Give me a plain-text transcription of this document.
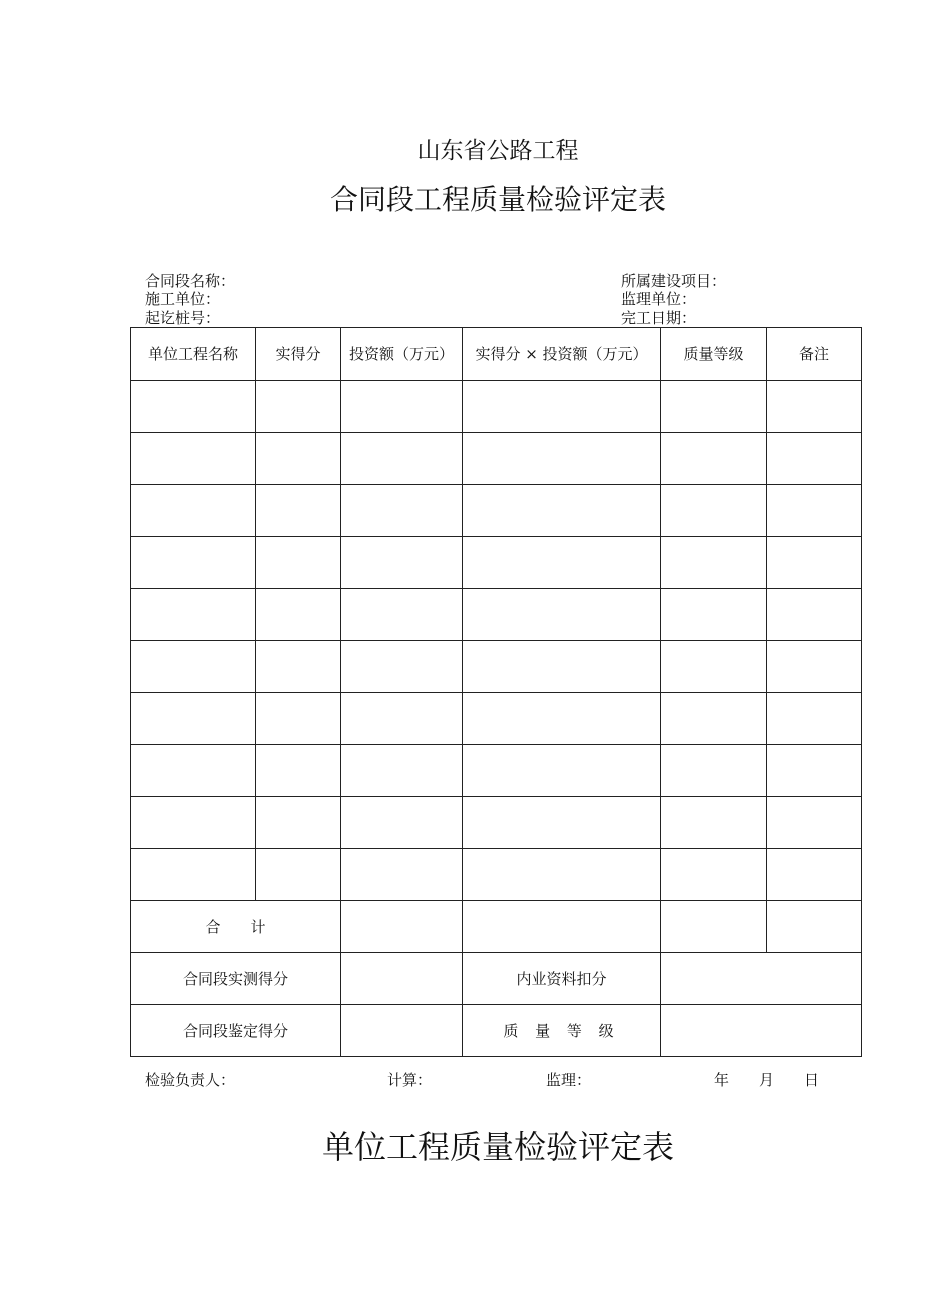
山东省公路工程
合同段工程质量检验评定表
合同段名称：	所属建设项目：
施工单位：	监理单位：
起讫桩号：	完工日期：
单位工程名称	实得分	投资额（万元）	实得分 × 投资额（万元）	质量等级	备注

合　　计					
合同段实测得分			内业资料扣分		
合同段鉴定得分			质 量 等 级		
检验负责人：	计算：	监理：	年　　月　　日
单位工程质量检验评定表
